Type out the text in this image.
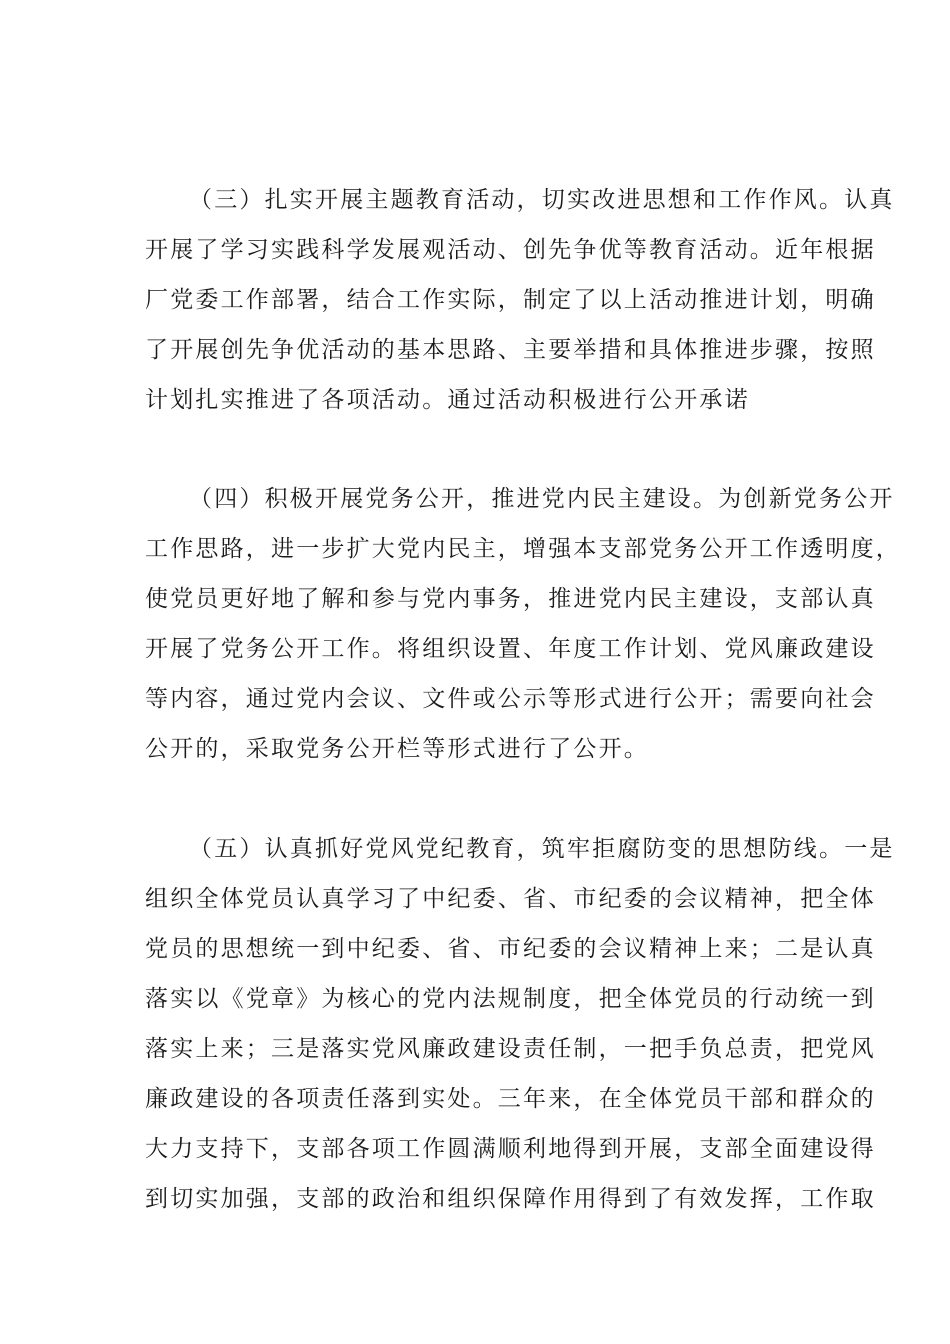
（三）扎实开展主题教育活动，切实改进思想和工作作风。认真
开展了学习实践科学发展观活动、创先争优等教育活动。近年根据
厂党委工作部署，结合工作实际，制定了以上活动推进计划，明确
了开展创先争优活动的基本思路、主要举措和具体推进步骤，按照
计划扎实推进了各项活动。通过活动积极进行公开承诺
（四）积极开展党务公开，推进党内民主建设。为创新党务公开
工作思路，进一步扩大党内民主，增强本支部党务公开工作透明度，
使党员更好地了解和参与党内事务，推进党内民主建设，支部认真
开展了党务公开工作。将组织设置、年度工作计划、党风廉政建设
等内容，通过党内会议、文件或公示等形式进行公开；需要向社会
公开的，采取党务公开栏等形式进行了公开。
（五）认真抓好党风党纪教育，筑牢拒腐防变的思想防线。一是
组织全体党员认真学习了中纪委、省、市纪委的会议精神，把全体
党员的思想统一到中纪委、省、市纪委的会议精神上来；二是认真
落实以《党章》为核心的党内法规制度，把全体党员的行动统一到
落实上来；三是落实党风廉政建设责任制，一把手负总责，把党风
廉政建设的各项责任落到实处。三年来，在全体党员干部和群众的
大力支持下，支部各项工作圆满顺利地得到开展，支部全面建设得
到切实加强，支部的政治和组织保障作用得到了有效发挥，工作取
